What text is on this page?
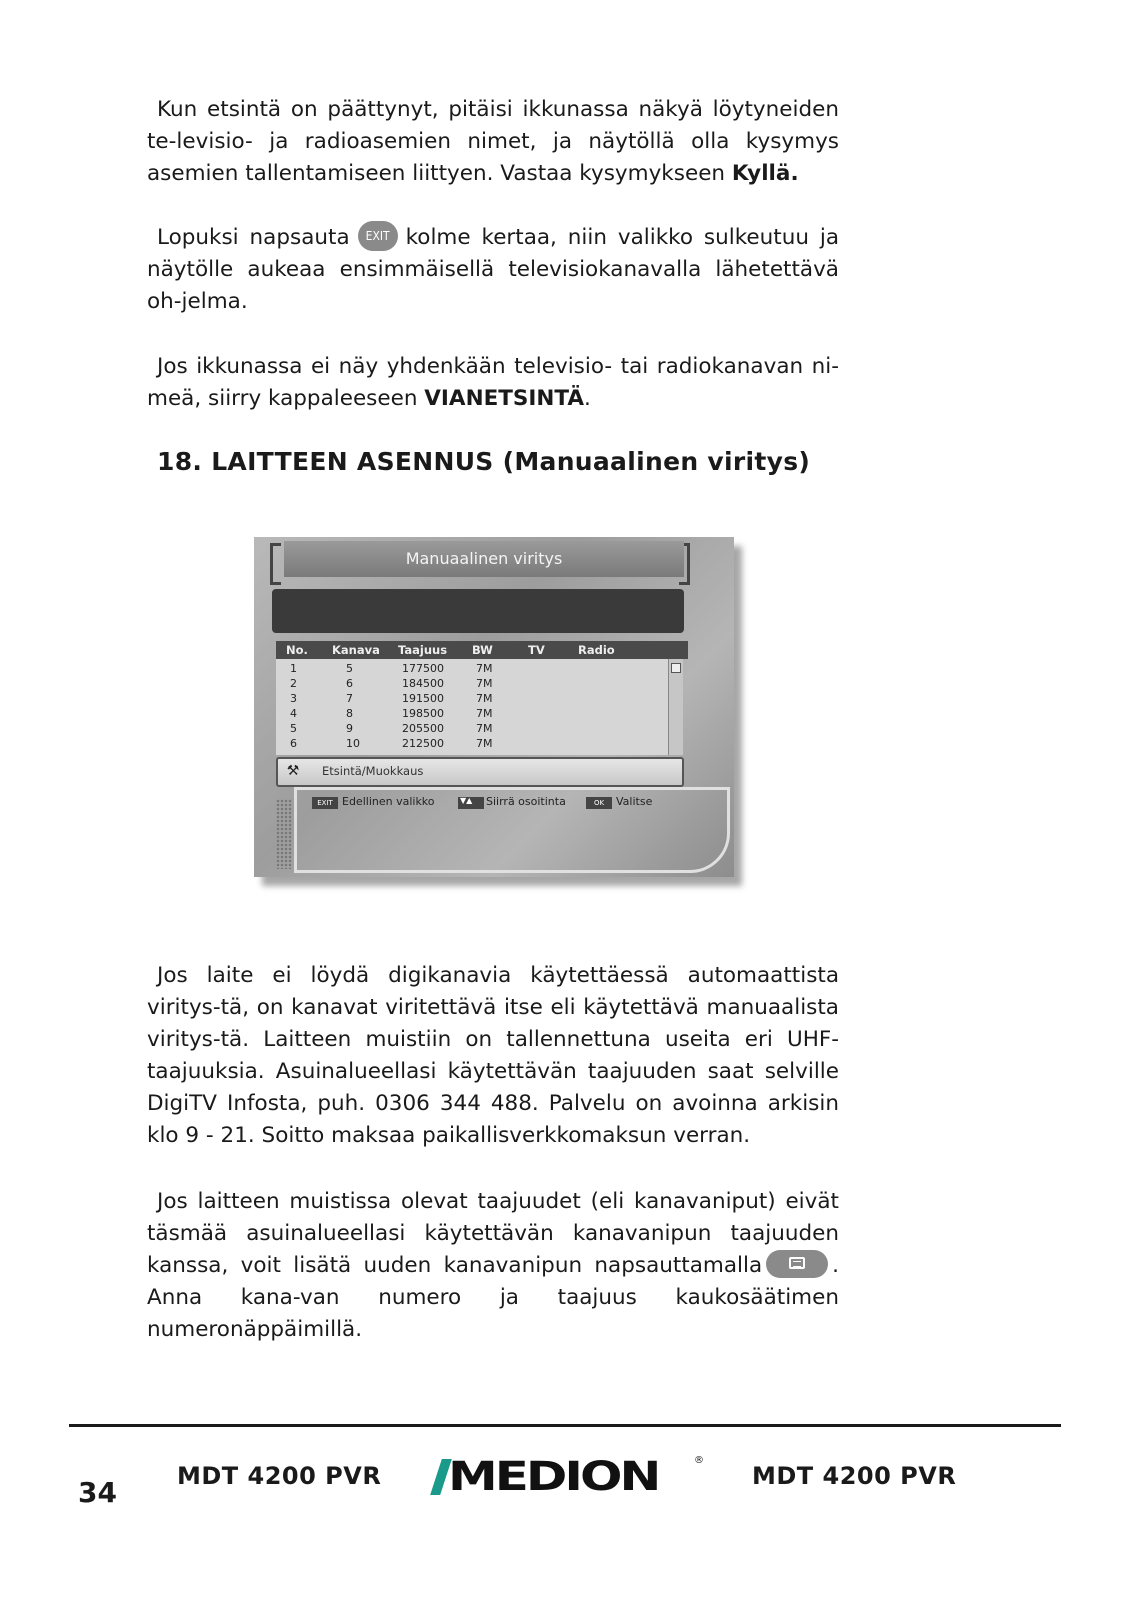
Kun etsintä on päättynyt, pitäisi ikkunassa näkyä löytyneiden te-levisio- ja radioasemien nimet, ja näytöllä olla kysymys asemien tallentamiseen liittyen. Vastaa kysymykseen Kyllä.

Lopuksi napsauta EXIT kolme kertaa, niin valikko sulkeutuu ja näytölle aukeaa ensimmäisellä televisiokanavalla lähetettävä oh-jelma.

Jos ikkunassa ei näy yhdenkään televisio- tai radiokanavan ni-meä, siirry kappaleeseen VIANETSINTÄ.

18. LAITTEEN ASENNUS (Manuaalinen viritys)
Manuaalinen viritys
No. Kanava Taajuus BW	TV	Radio
1	5	177500	7M
2	6	184500	7M
3	7	191500	7M
4	8	198500	7M
5	9	205500	7M
6	10	212500	7M
⚒ Etsintä/Muokkaus
EXIT Edellinen valikko
▼▲	Siirrä osoitinta	OK	Valitse

Jos laite ei löydä digikanavia käytettäessä automaattista viritys-tä, on kanavat viritettävä itse eli käytettävä manuaalista viritys-tä. Laitteen muistiin on tallennettuna useita eri UHF-taajuuksia. Asuinalueellasi käytettävän taajuuden saat selville DigiTV Infosta, puh. 0306 344 488. Palvelu on avoinna arkisin klo 9 - 21. Soitto maksaa paikallisverkkomaksun verran.

Jos laitteen muistissa olevat taajuudet (eli kanavaniput) eivät täsmää asuinalueellasi käytettävän kanavanipun taajuuden kanssa, voit lisätä uuden kanavanipun napsauttamalla	. Anna kana-van numero ja taajuus kaukosäätimen numeronäppäimillä.

34	MDT 4200 PVR MEDION	®
MDT 4200 PVR
